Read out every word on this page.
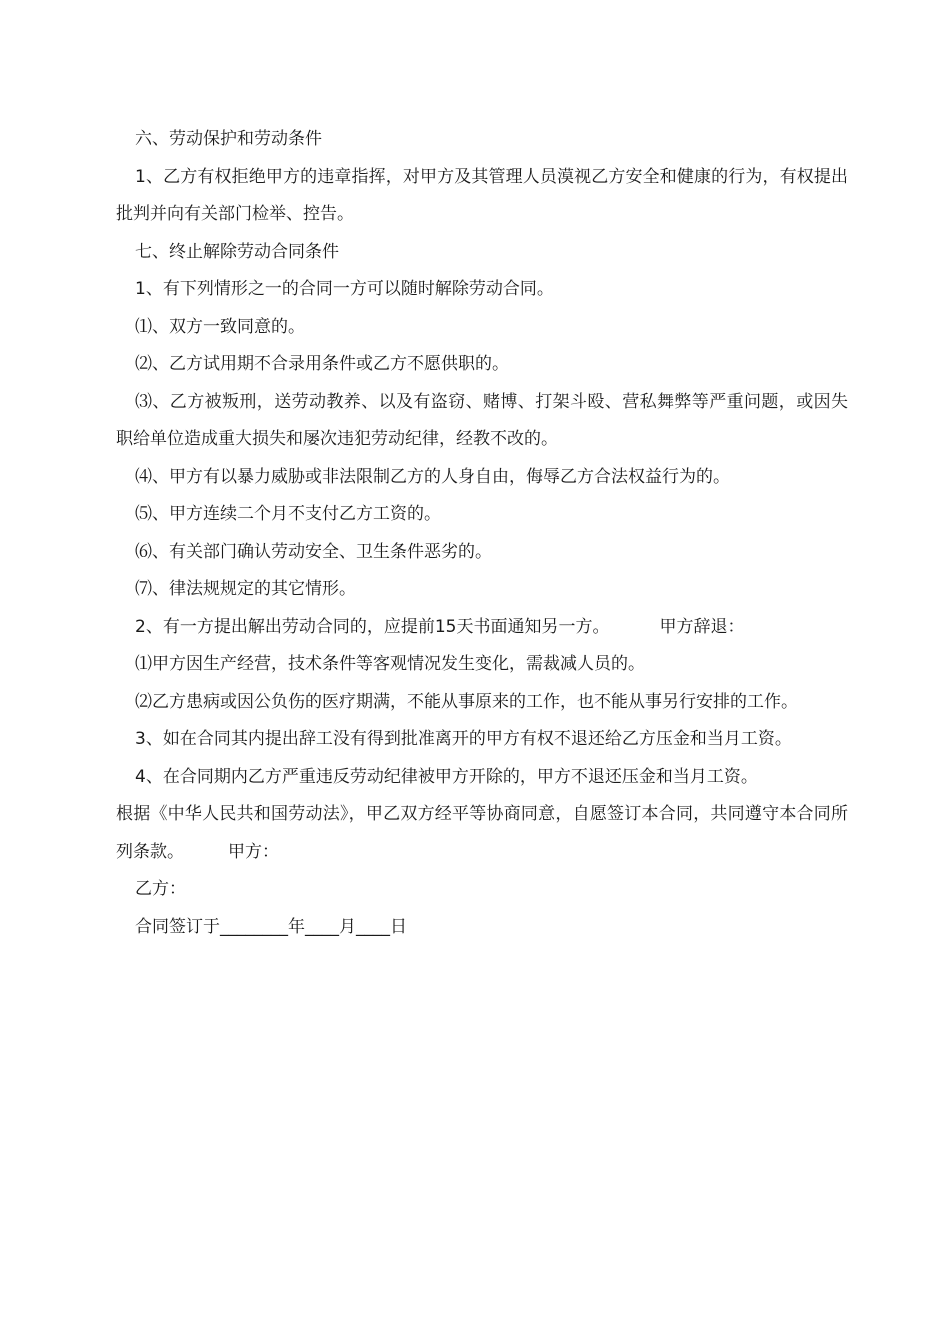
六、劳动保护和劳动条件

1、乙方有权拒绝甲方的违章指挥，对甲方及其管理人员漠视乙方安全和健康的行为，有权提出批判并向有关部门检举、控告。

七、终止解除劳动合同条件

1、有下列情形之一的合同一方可以随时解除劳动合同。

⑴、双方一致同意的。

⑵、乙方试用期不合录用条件或乙方不愿供职的。

⑶、乙方被叛刑，送劳动教养、以及有盗窃、赌博、打架斗殴、营私舞弊等严重问题，或因失职给单位造成重大损失和屡次违犯劳动纪律，经教不改的。

⑷、甲方有以暴力威胁或非法限制乙方的人身自由，侮辱乙方合法权益行为的。

⑸、甲方连续二个月不支付乙方工资的。

⑹、有关部门确认劳动安全、卫生条件恶劣的。

⑺、律法规规定的其它情形。

2、有一方提出解出劳动合同的，应提前15天书面通知另一方。	甲方辞退：

⑴甲方因生产经营，技术条件等客观情况发生变化，需裁减人员的。

⑵乙方患病或因公负伤的医疗期满，不能从事原来的工作，也不能从事另行安排的工作。

3、如在合同其内提出辞工没有得到批准离开的甲方有权不退还给乙方压金和当月工资。

4、在合同期内乙方严重违反劳动纪律被甲方开除的，甲方不退还压金和当月工资。

根据《中华人民共和国劳动法》，甲乙双方经平等协商同意，自愿签订本合同，共同遵守本合同所列条款。	甲方：

乙方：

合同签订于________年____月____日
